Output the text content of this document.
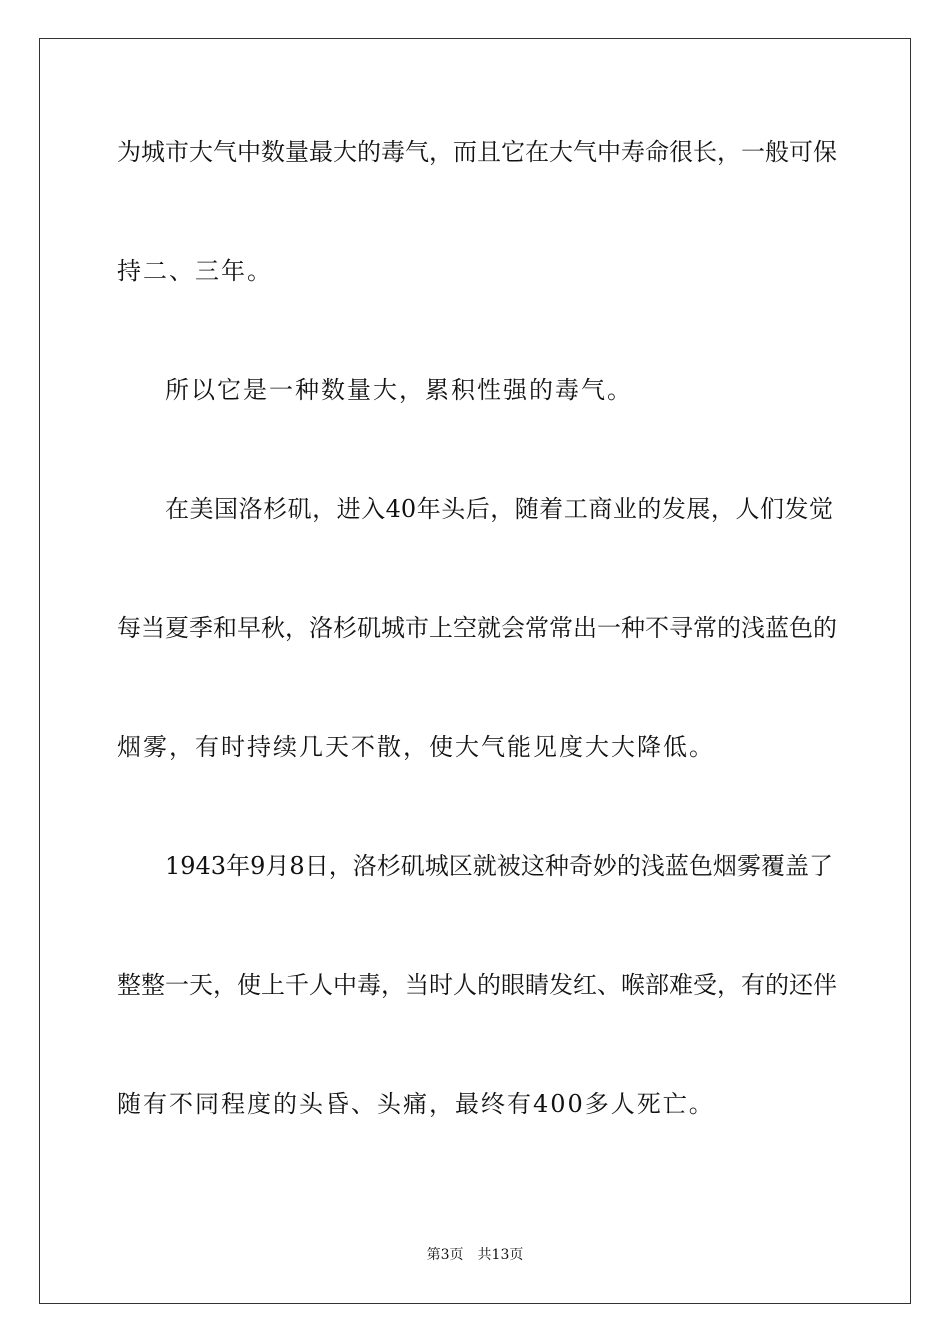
为城市大气中数量最大的毒气，而且它在大气中寿命很长，一般可保

持二、三年。

所以它是一种数量大，累积性强的毒气。

在美国洛杉矶，进入40年头后，随着工商业的发展，人们发觉

每当夏季和早秋，洛杉矶城市上空就会常常出一种不寻常的浅蓝色的

烟雾，有时持续几天不散，使大气能见度大大降低。

1943年9月8日，洛杉矶城区就被这种奇妙的浅蓝色烟雾覆盖了

整整一天，使上千人中毒，当时人的眼睛发红、喉部难受，有的还伴

随有不同程度的头昏、头痛，最终有400多人死亡。

第3页 共13页
